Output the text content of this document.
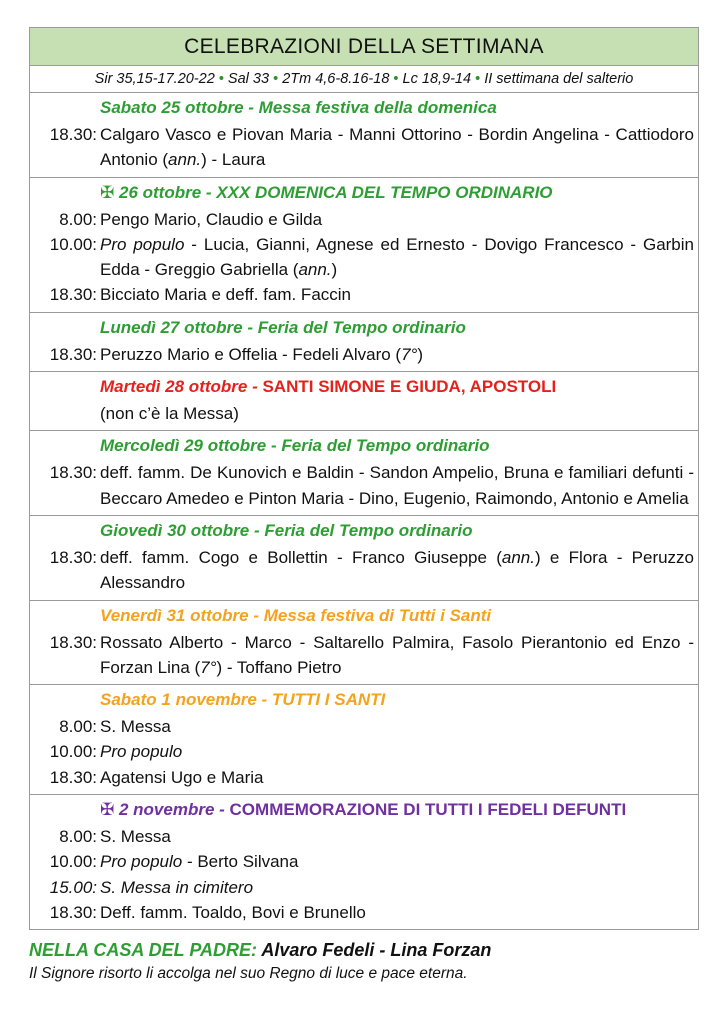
CELEBRAZIONI DELLA SETTIMANA
Sir 35,15-17.20-22 • Sal 33 • 2Tm 4,6-8.16-18 • Lc 18,9-14 • II settimana del salterio

Sabato 25 ottobre - Messa festiva della domenica
18.30: Calgaro Vasco e Piovan Maria - Manni Ottorino - Bordin Angelina - Cattiodoro Antonio (ann.) - Laura

✠ 26 ottobre - XXX DOMENICA DEL TEMPO ORDINARIO
8.00: Pengo Mario, Claudio e Gilda
10.00: Pro populo - Lucia, Gianni, Agnese ed Ernesto - Dovigo Francesco - Garbin Edda - Greggio Gabriella (ann.)
18.30: Bicciato Maria e deff. fam. Faccin

Lunedì 27 ottobre - Feria del Tempo ordinario
18.30: Peruzzo Mario e Offelia - Fedeli Alvaro (7°)

Martedì 28 ottobre - SANTI SIMONE E GIUDA, APOSTOLI
(non c’è la Messa)

Mercoledì 29 ottobre - Feria del Tempo ordinario
18.30: deff. famm. De Kunovich e Baldin - Sandon Ampelio, Bruna e familiari defunti - Beccaro Amedeo e Pinton Maria - Dino, Eugenio, Raimondo, Antonio e Amelia

Giovedì 30 ottobre - Feria del Tempo ordinario
18.30: deff. famm. Cogo e Bollettin - Franco Giuseppe (ann.) e Flora - Peruzzo Alessandro

Venerdì 31 ottobre - Messa festiva di Tutti i Santi
18.30: Rossato Alberto - Marco - Saltarello Palmira, Fasolo Pierantonio ed Enzo - Forzan Lina (7°) - Toffano Pietro

Sabato 1 novembre - TUTTI I SANTI
8.00: S. Messa
10.00: Pro populo
18.30: Agatensi Ugo e Maria

✠ 2 novembre - COMMEMORAZIONE DI TUTTI I FEDELI DEFUNTI
8.00: S. Messa
10.00: Pro populo - Berto Silvana
15.00: S. Messa in cimitero
18.30: Deff. famm. Toaldo, Bovi e Brunello
NELLA CASA DEL PADRE: Alvaro Fedeli - Lina Forzan
Il Signore risorto li accolga nel suo Regno di luce e pace eterna.
